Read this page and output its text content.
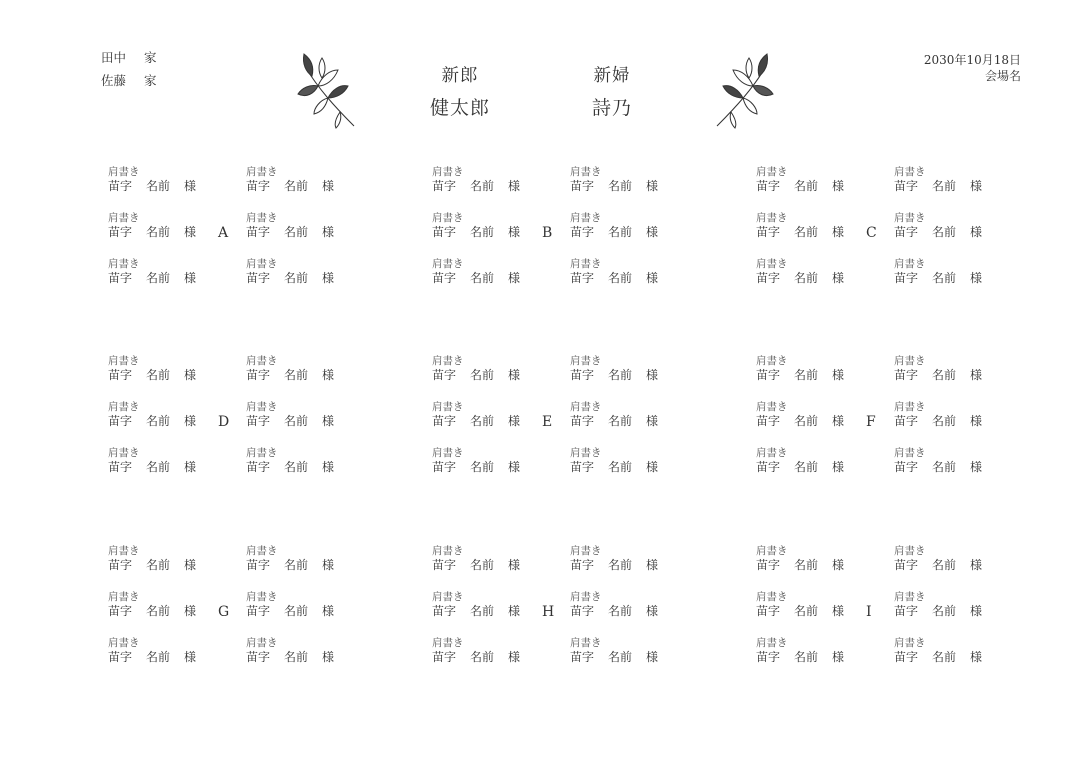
田中 家
佐藤 家
2030年10月18日
会場名
新郎
健太郎
新婦
詩乃
肩書き
苗字 名前 様
肩書き
苗字 名前 様
肩書き
苗字 名前 様
肩書き
苗字 名前 様
肩書き
苗字 名前 様
肩書き
苗字 名前 様
A
肩書き
苗字 名前 様
肩書き
苗字 名前 様
肩書き
苗字 名前 様
肩書き
苗字 名前 様
肩書き
苗字 名前 様
肩書き
苗字 名前 様
B
肩書き
苗字 名前 様
肩書き
苗字 名前 様
肩書き
苗字 名前 様
肩書き
苗字 名前 様
肩書き
苗字 名前 様
肩書き
苗字 名前 様
C
肩書き
苗字 名前 様
肩書き
苗字 名前 様
肩書き
苗字 名前 様
肩書き
苗字 名前 様
肩書き
苗字 名前 様
肩書き
苗字 名前 様
D
肩書き
苗字 名前 様
肩書き
苗字 名前 様
肩書き
苗字 名前 様
肩書き
苗字 名前 様
肩書き
苗字 名前 様
肩書き
苗字 名前 様
E
肩書き
苗字 名前 様
肩書き
苗字 名前 様
肩書き
苗字 名前 様
肩書き
苗字 名前 様
肩書き
苗字 名前 様
肩書き
苗字 名前 様
F
肩書き
苗字 名前 様
肩書き
苗字 名前 様
肩書き
苗字 名前 様
肩書き
苗字 名前 様
肩書き
苗字 名前 様
肩書き
苗字 名前 様
G
肩書き
苗字 名前 様
肩書き
苗字 名前 様
肩書き
苗字 名前 様
肩書き
苗字 名前 様
肩書き
苗字 名前 様
肩書き
苗字 名前 様
H
肩書き
苗字 名前 様
肩書き
苗字 名前 様
肩書き
苗字 名前 様
肩書き
苗字 名前 様
肩書き
苗字 名前 様
肩書き
苗字 名前 様
I
